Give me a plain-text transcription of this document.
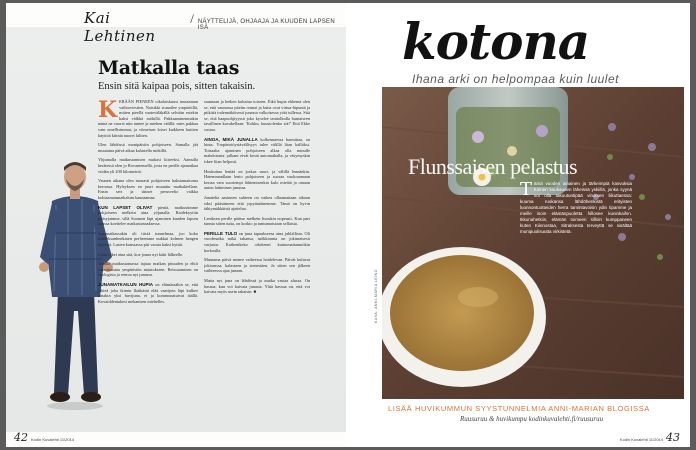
Kai Lehtinen
/ NÄYTTELIJÄ, OHJAAJA JA KUUDEN LAPSEN ISÄ
Matkalla taas
Ensin sitä kaipaa pois, sitten takaisin.
K ERÄÄN PIENEEN oikalaiskuusi muutaman vaihtoviestien. Naisikki siunailee ympäröillä, mitten pieellä vaateväläkällä selvään esiekin kaksi välkkä mökillä. Pakkaaminenmakin nämä ne vuoret niin tuntee ja miehen välillä: mies pakkaa vain omellisimmat, ja viimeisen loiset kaikkeen kuttien käyttöä kitiniä nuoret kiltten.

Ulen lähdössä monipäisiin pohjoiseen. Samalla jää muutama päivä aikaa kalastella mökillä.

Yhjumalla matkustamisen mukasi kiireeksi. Aamulla herätessä olen jo Rovaniemellä, josta en perille ajamatkaa viidän yli 200 kilometriä.

Vaunen aikana olen monasti pohjoiseen haksiamattoma kerrassa. Hyleyksen en juuri muuuttu matkakiellam. Ensin sert ja täsiset perusvelio vaikka kohtaamanmatkalum kaunaamaa.

KUN LAPSET OLIVAT pieniä, matkustimme pohjoiseen melkein aina yöjunalla. Raidekyytiin pääsyjainme, sillä Suomen läpi ajaminen kuuden lapsen kanssa koettelee matkustusnaksessa.

Junamatkassakin oli tiiviä tunnelmaa, joo koko kahdeksanhenkinen perheemme nukkui kolmen hengen hyttissä. Lasten kanssassa piti varata kaksi hyttiä.

Liesa oikei aina sitä, koe jouna nyt kätti lälkeelle.

Junalla matkustamassa tajuaa matkan pituuden ja ehtii valmistautua ympäristön muutokseen. Reissaaminen on ekologista ja rentoa nyt junassa.

JUNAMATKAILUN HUPIA on elämässäkin se, että lähteä joka ikimin lkäikästä elää vaatijoin läpi kulkee ainakin yksi huvijuna, ei ja kommunatuivat täällä. Kovaiddentakesi mekanisen miehelles.

suuntaan ja hetken kuluttua toiseen. Eikä hupia ehkemä olen se, että vaunussa pitetin reunat ja lattia ovat virtua-hipuntä ja pitkittä todennäköisesti junassa valkoisessa yötä tullessa. Sitä se, että haapuohjtyyssä joko kyselee tanttolkulla humaiseen tavallinen kuvakellaan: 'Kokku, kuusiolenko siä?' Että Ekke vastaa.

AINOA, MIKÄ JUNALLA kolkennaessa harmittaa, on hinta. Ympäristöystävällisyys tulee välillä liian kalliiksi. Toisaalta ajaminen pohjoiseen alkaa olla minulle mahdotonta: jalkani eivät kestä automatkalla, ja väsymyskin iskee liian helposti.

Houkuttaa lentää on joskus suuri, ja välillä lennänkin. Hatemmanllaan lento pohjoiseen ja suoraa vuokraamaan kertaa vain suoriempi lähtemisenkin kulo mietää ja omaan auton lattimisen junassa.

Junatelia aasinnen suhteen on vaikea ollaamattaan aikaan siksi päästimeen että yrpyäntäinemme. Tämä on hyvin tähtymäkkäistä ajattelua.

Leniksen perille päässe melkein lisoukin nopeasti. Kun pari tunnia sitten tutta, on korkio ja tuntumaisiaan sellaista.

PERILLE TULO on juna tapaukseesa aina juhlallista. Oli vuodenaika mikä tahansa, mökkiranta on jokimaisesti varjustu. Kaikenikeko odottenet kuinomattanmökin korkoalla.

Muutama päivä menee vaiheessa hoidelevan. Päivät kuluvat jokiranssa, kalastaen ja sienestäen. Ja sitten sen jälkeen vaihteessa ajaa junaan.

Mutta nyt juna on lähdössä ja matka vastaa alussa. On hassua, kun voi kaivata junasta. Yhtä hassua on, että voi kaivata myös usein takaisin. ■

42 Kodin Kuvalehti 11/2014
kotona
Ihana arki on helpompaa kuin luulet
Flunssaisen pelastus
T ämä vuoden ainainen ja tärkeimpiä kasvuksia tunnen kuukauden läheissä yskiillä, jonka syynä voi olla takuutuntipää viruksen liikuttaessa: kuuma ruokansa lähdöhenkistä erityisten luonnontuotteiden herra tamintavoisin ydin tipamme ja meille isoin elämänpuoletta hillosee kuninkaihin. Ikkunahetkiin, elämän toimeen silloin kumppaneen kuten Kiinnostaa, Sitraksesta terveyttä se sisältää monipuolisuutta virkistetä.
KUVA: ANNI-MARIA LEINO
LISÄÄ HUVIKUMMUN SYYSTUNNELMIA ANNI-MARIAN BLOGISSA
Ruusuruu & huvikumpu kodinkuvalehti.fi/ruusuruu
Kodin Kuvalehti 11/2014 43
